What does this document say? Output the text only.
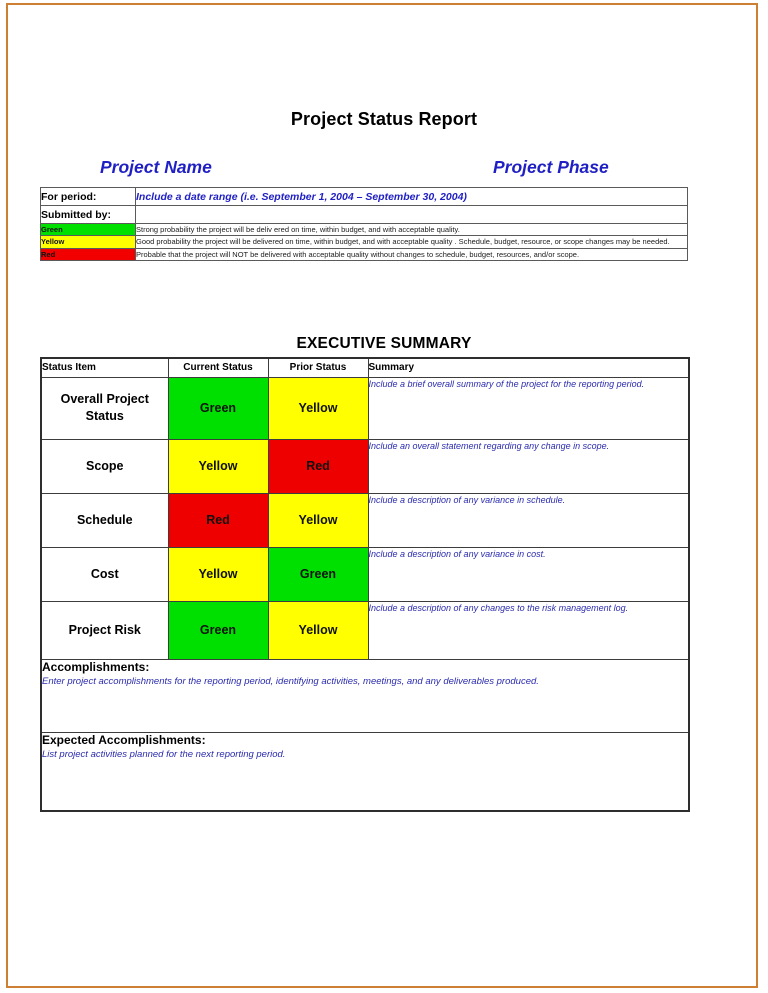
Project Status Report
Project Name	Project Phase
For period:	Include a date range (i.e. September 1, 2004 – September 30, 2004)
Submitted by:	
Green	Strong probability the project will be deliv ered on time, within budget, and with acceptable quality.
Yellow	Good probability the project will be delivered on time, within budget, and with acceptable quality . Schedule, budget, resource, or scope changes may be needed.
Red	Probable that the project will NOT be delivered with acceptable quality without changes to schedule, budget, resources, and/or scope.
EXECUTIVE SUMMARY
Status Item	Current Status	Prior Status	Summary
Overall Project Status	Green	Yellow	Include a brief overall summary of the project for the reporting period.
Scope	Yellow	Red	Include an overall statement regarding any change in scope.
Schedule	Red	Yellow	Include a description of any variance in schedule.
Cost	Yellow	Green	Include a description of any variance in cost.
Project Risk	Green	Yellow	Include a description of any changes to the risk management log.

Accomplishments:
Enter project accomplishments for the reporting period, identifying activities, meetings, and any deliverables produced.			

Expected Accomplishments:
List project activities planned for the next reporting period.			
